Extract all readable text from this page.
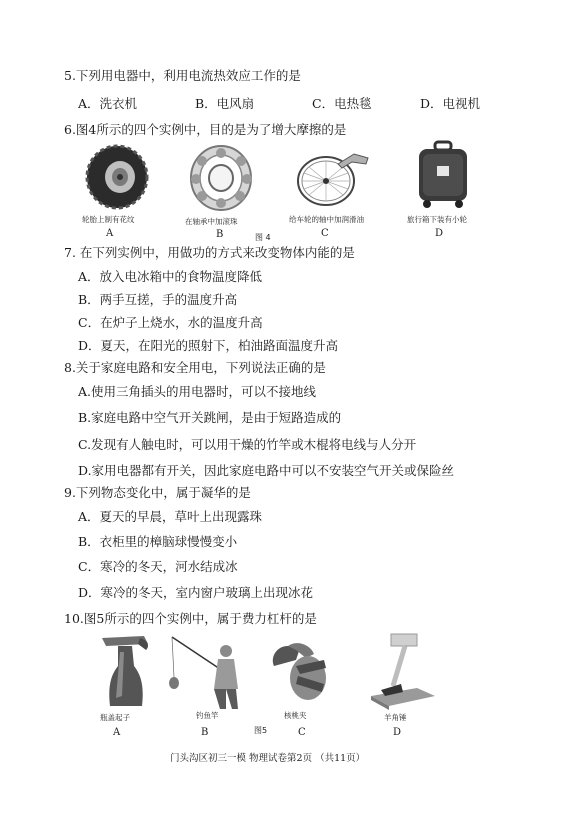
5.下列用电器中，利用电流热效应工作的是
A．洗衣机	B．电风扇	C．电热毯	D．电视机
6.图4所示的四个实例中，目的是为了增大摩擦的是
轮胎上制有花纹
A
在轴承中加滚珠
B	图 4
给车轮的轴中加润滑油
C
旅行箱下装有小轮
D
7. 在下列实例中，用做功的方式来改变物体内能的是
A．放入电冰箱中的食物温度降低
B．两手互搓，手的温度升高
C．在炉子上烧水，水的温度升高
D．夏天，在阳光的照射下，柏油路面温度升高
8.关于家庭电路和安全用电，下列说法正确的是
A.使用三角插头的用电器时，可以不接地线
B.家庭电路中空气开关跳闸，是由于短路造成的
C.发现有人触电时，可以用干燥的竹竿或木棍将电线与人分开
D.家用电器都有开关，因此家庭电路中可以不安装空气开关或保险丝
9.下列物态变化中，属于凝华的是
A．夏天的早晨，草叶上出现露珠
B．衣柜里的樟脑球慢慢变小
C．寒冷的冬天，河水结成冰
D．寒冷的冬天，室内窗户玻璃上出现冰花
10.图5所示的四个实例中，属于费力杠杆的是
瓶盖起子
A
钓鱼竿
B	图5
核桃夹
C
羊角锤
D
门头沟区初三一模 物理试卷第2页 （共11页）
